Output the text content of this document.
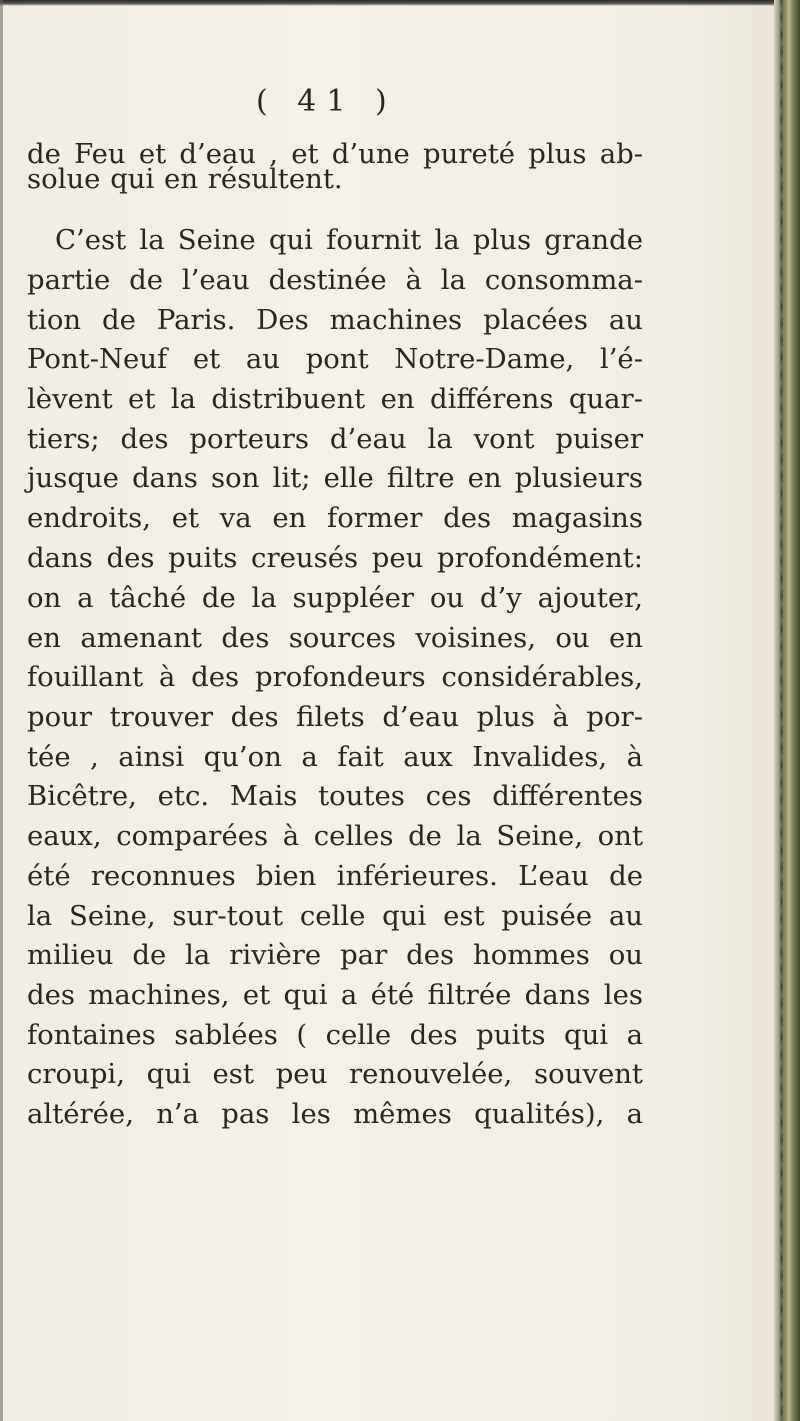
( 41 )
de Feu et d’eau , et d’une pureté plus ab‑
solue qui en résultent.
C’est la Seine qui fournit la plus grande
partie de l’eau destinée à la consomma-
tion de Paris. Des machines placées au
Pont-Neuf et au pont Notre-Dame, l’é-
lèvent et la distribuent en différens quar-
tiers; des porteurs d’eau la vont puiser
jusque dans son lit; elle filtre en plusieurs
endroits, et va en former des magasins
dans des puits creusés peu profondément:
on a tâché de la suppléer ou d’y ajouter,
en amenant des sources voisines, ou en
fouillant à des profondeurs considérables,
pour trouver des filets d’eau plus à por-
tée , ainsi qu’on a fait aux Invalides, à
Bicêtre, etc. Mais toutes ces différentes
eaux, comparées à celles de la Seine, ont
été reconnues bien inférieures. L’eau de
la Seine, sur-tout celle qui est puisée au
milieu de la rivière par des hommes ou
des machines, et qui a été filtrée dans les
fontaines sablées ( celle des puits qui a
croupi, qui est peu renouvelée, souvent
altérée, n’a pas les mêmes qualités), a
